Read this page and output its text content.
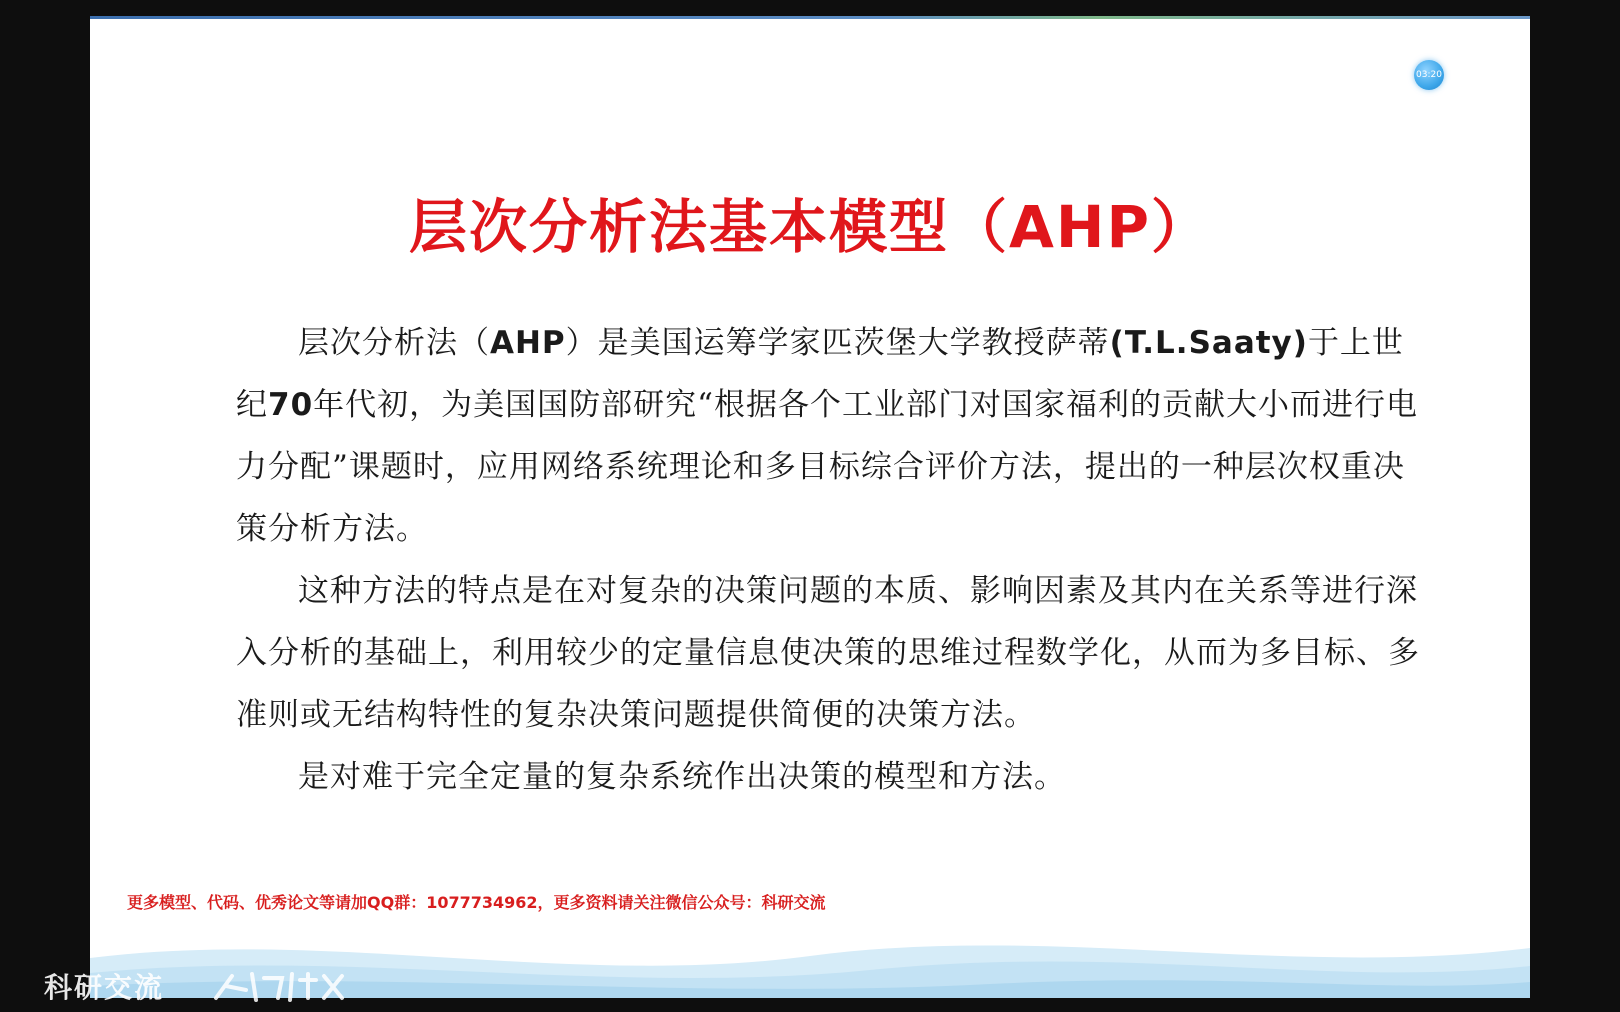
03:20
层次分析法基本模型（AHP）

层次分析法（AHP）是美国运筹学家匹茨堡大学教授萨蒂(T.L.Saaty)于上世纪70年代初，为美国国防部研究“根据各个工业部门对国家福利的贡献大小而进行电力分配”课题时，应用网络系统理论和多目标综合评价方法，提出的一种层次权重决策分析方法。

这种方法的特点是在对复杂的决策问题的本质、影响因素及其内在关系等进行深入分析的基础上，利用较少的定量信息使决策的思维过程数学化，从而为多目标、多准则或无结构特性的复杂决策问题提供简便的决策方法。

是对难于完全定量的复杂系统作出决策的模型和方法。

更多模型、代码、优秀论文等请加QQ群：1077734962，更多资料请关注微信公众号：科研交流
科研交流
